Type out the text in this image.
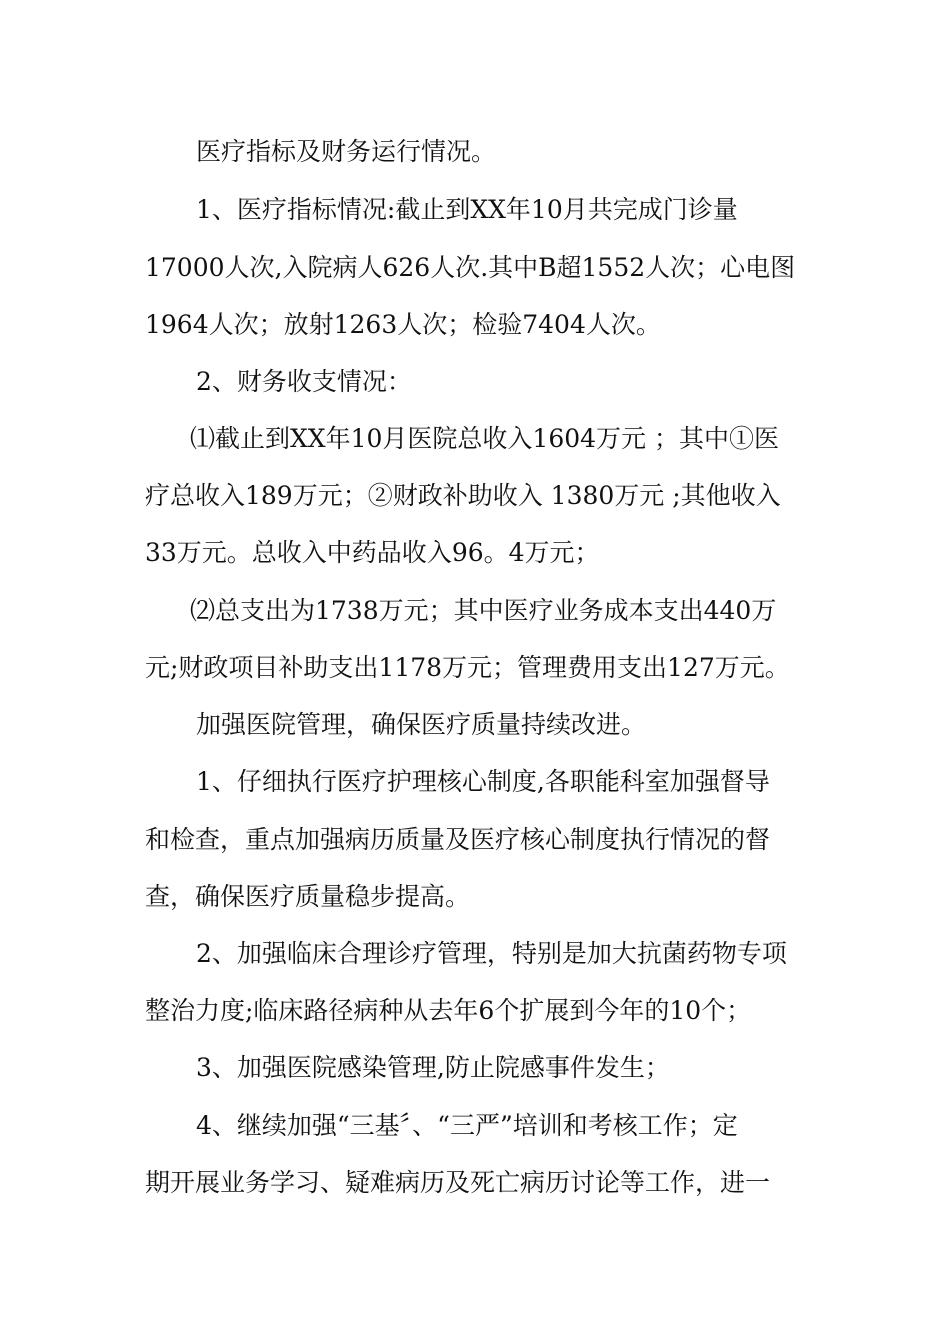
医疗指标及财务运行情况。
1、医疗指标情况:截止到XX年10月共完成门诊量
17000人次,入院病人626人次.其中B超1552人次；心电图
1964人次；放射1263人次；检验7404人次。
2、财务收支情况：
⑴截止到XX年10月医院总收入1604万元 ；其中①医
疗总收入189万元；②财政补助收入 1380万元 ;其他收入
33万元。总收入中药品收入96。4万元；
⑵总支出为1738万元；其中医疗业务成本支出440万
元;财政项目补助支出1178万元；管理费用支出127万元。
加强医院管理，确保医疗质量持续改进。
1、仔细执行医疗护理核心制度,各职能科室加强督导
和检查，重点加强病历质量及医疗核心制度执行情况的督
查，确保医疗质量稳步提高。
2、加强临床合理诊疗管理，特别是加大抗菌药物专项
整治力度;临床路径病种从去年6个扩展到今年的10个；
3、加强医院感染管理,防止院感事件发生；
4、继续加强“三基〞、“三严”培训和考核工作；定
期开展业务学习、疑难病历及死亡病历讨论等工作，进一
